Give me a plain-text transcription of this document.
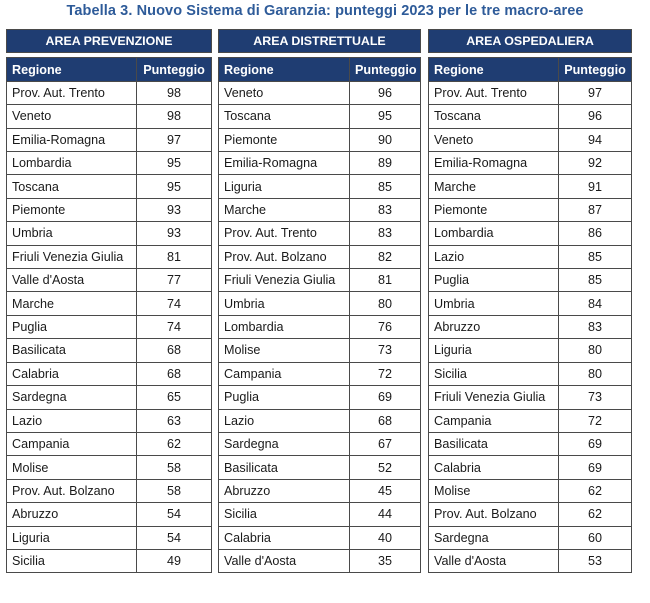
Tabella 3. Nuovo Sistema di Garanzia: punteggi 2023 per le tre macro-aree
AREA PREVENZIONE	

Regione	Punteggio
Prov. Aut. Trento	98
Veneto	98
Emilia-Romagna	97
Lombardia	95
Toscana	95
Piemonte	93
Umbria	93
Friuli Venezia Giulia	81
Valle d'Aosta	77
Marche	74
Puglia	74
Basilicata	68
Calabria	68
Sardegna	65
Lazio	63
Campania	62
Molise	58
Prov. Aut. Bolzano	58
Abruzzo	54
Liguria	54
Sicilia	49
AREA DISTRETTUALE	

Regione	Punteggio
Veneto	96
Toscana	95
Piemonte	90
Emilia-Romagna	89
Liguria	85
Marche	83
Prov. Aut. Trento	83
Prov. Aut. Bolzano	82
Friuli Venezia Giulia	81
Umbria	80
Lombardia	76
Molise	73
Campania	72
Puglia	69
Lazio	68
Sardegna	67
Basilicata	52
Abruzzo	45
Sicilia	44
Calabria	40
Valle d'Aosta	35
AREA OSPEDALIERA	

Regione	Punteggio
Prov. Aut. Trento	97
Toscana	96
Veneto	94
Emilia-Romagna	92
Marche	91
Piemonte	87
Lombardia	86
Lazio	85
Puglia	85
Umbria	84
Abruzzo	83
Liguria	80
Sicilia	80
Friuli Venezia Giulia	73
Campania	72
Basilicata	69
Calabria	69
Molise	62
Prov. Aut. Bolzano	62
Sardegna	60
Valle d'Aosta	53
